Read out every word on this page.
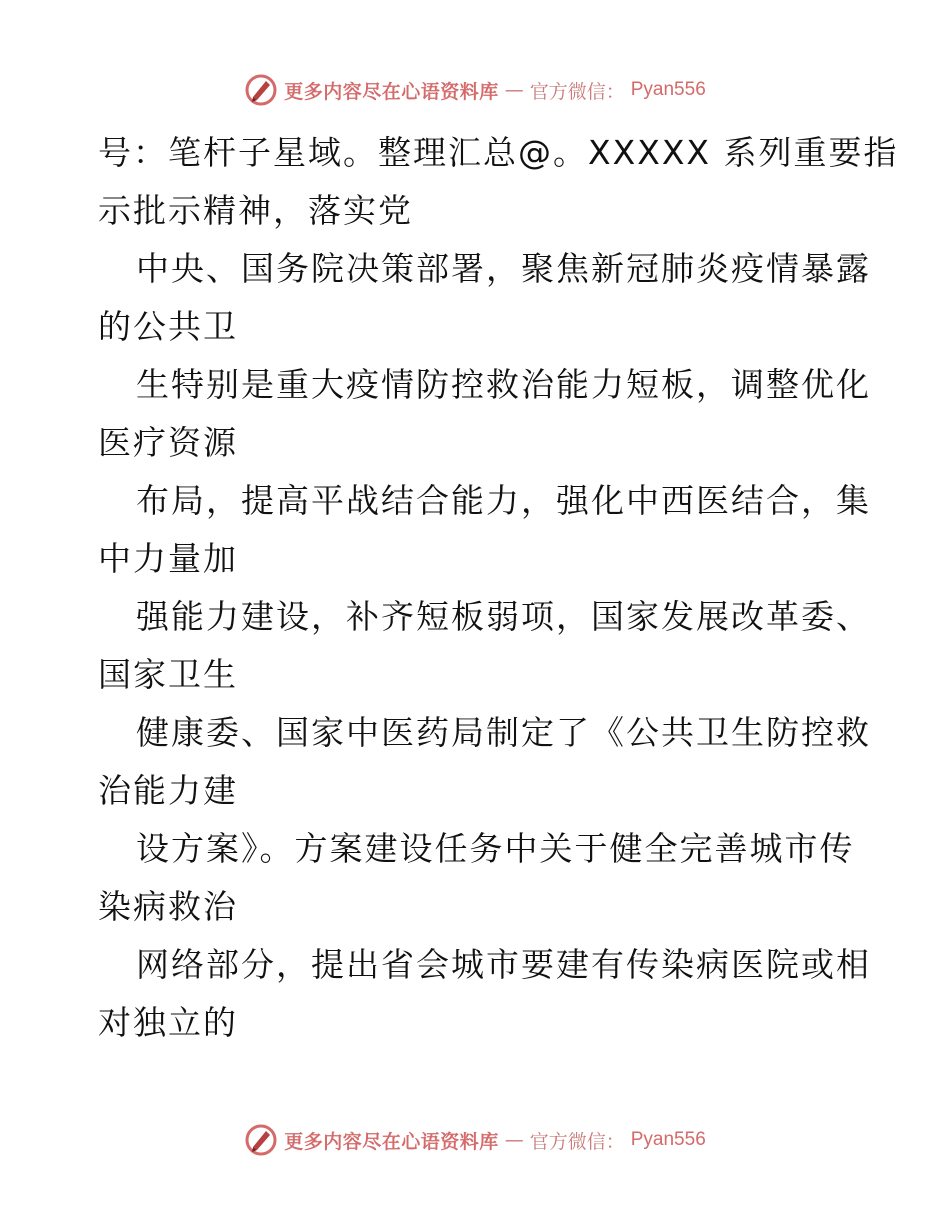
更多内容尽在心语资料库 — 官方微信： Pyan556
号：笔杆子星域。整理汇总@。XXXXX 系列重要指
示批示精神，落实党
中央、国务院决策部署，聚焦新冠肺炎疫情暴露
的公共卫
生特别是重大疫情防控救治能力短板，调整优化
医疗资源
布局，提高平战结合能力，强化中西医结合，集
中力量加
强能力建设，补齐短板弱项，国家发展改革委、
国家卫生
健康委、国家中医药局制定了《公共卫生防控救
治能力建
设方案》。方案建设任务中关于健全完善城市传
染病救治
网络部分，提出省会城市要建有传染病医院或相
对独立的
更多内容尽在心语资料库 — 官方微信： Pyan556
